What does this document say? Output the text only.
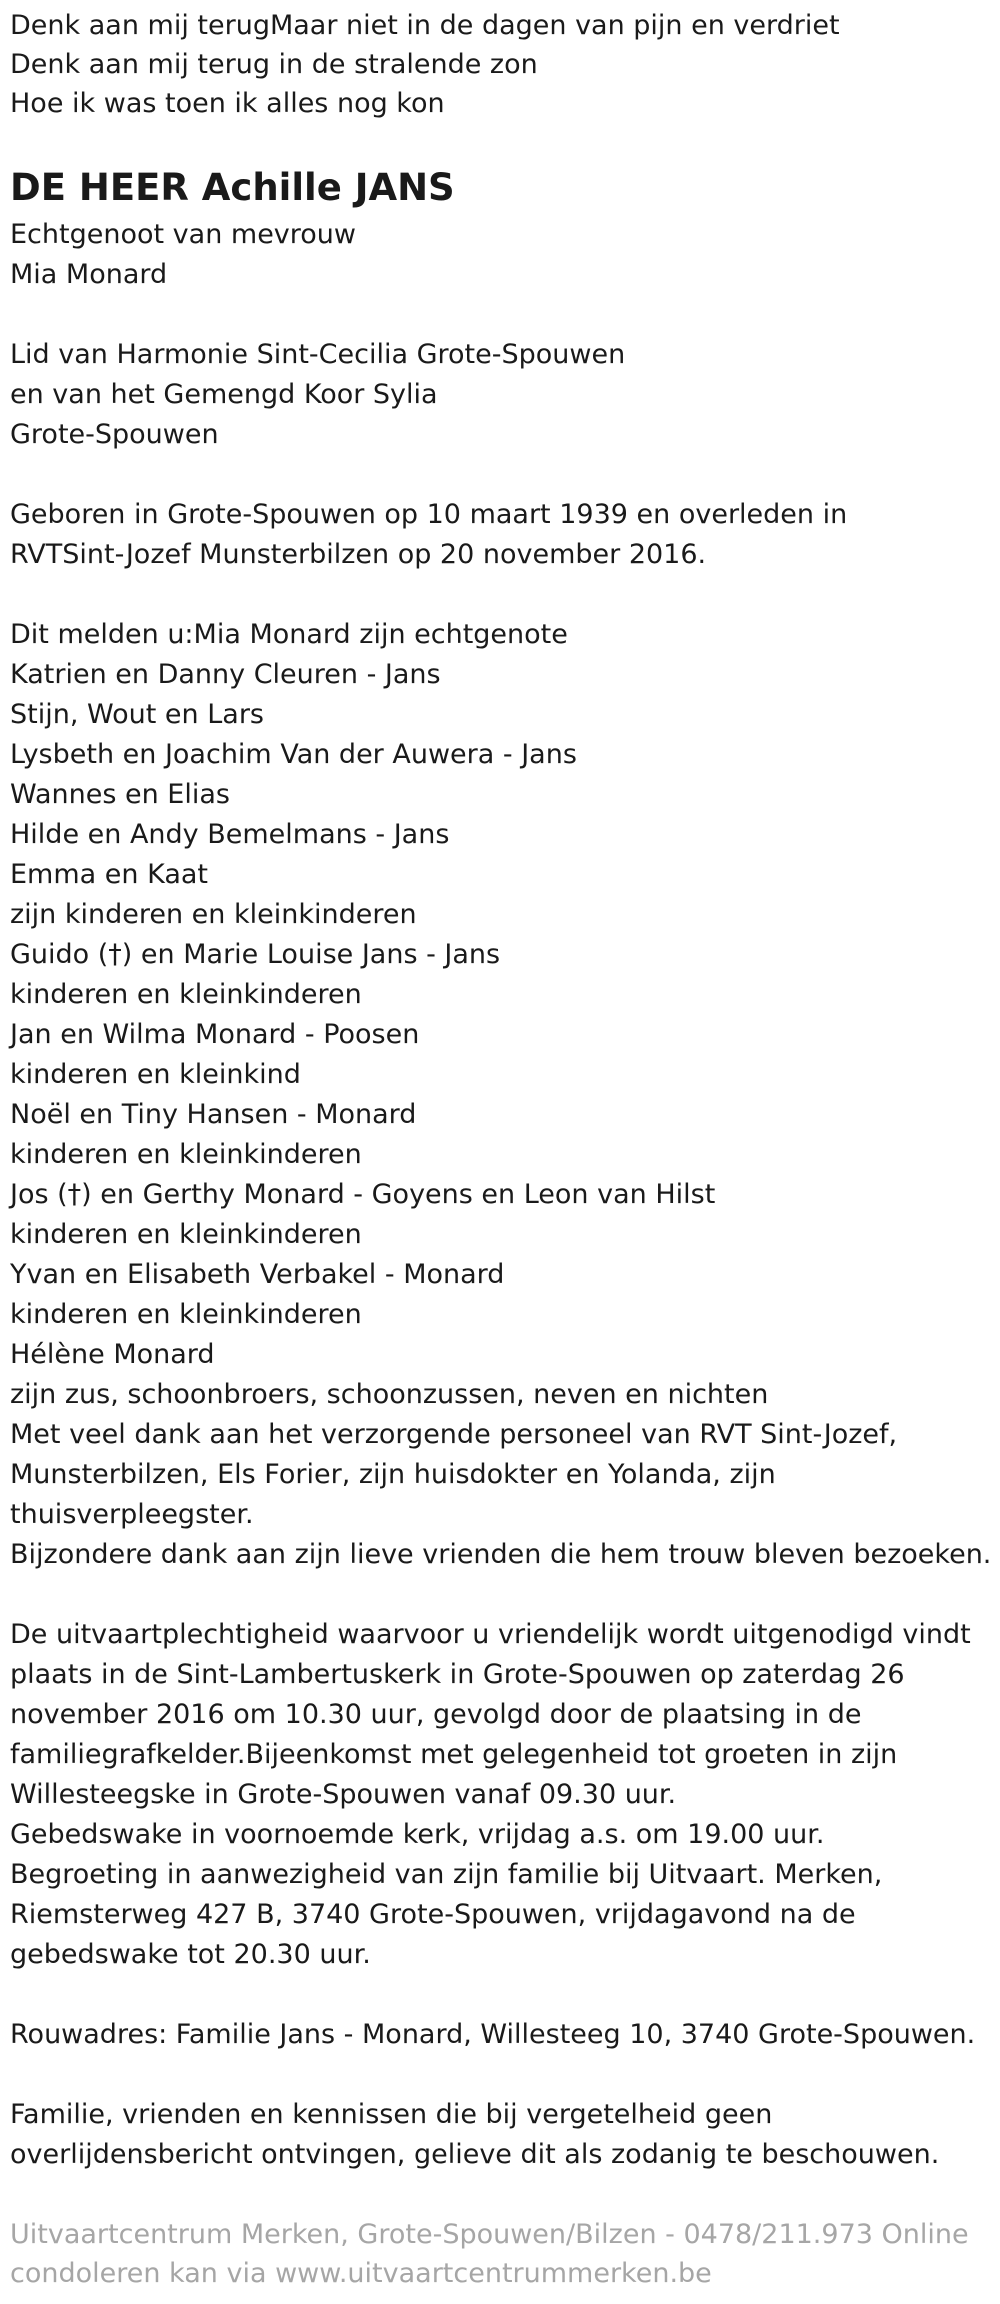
Denk aan mij terugMaar niet in de dagen van pijn en verdriet
Denk aan mij terug in de stralende zon
Hoe ik was toen ik alles nog kon
DE HEER Achille JANS
Echtgenoot van mevrouw
Mia Monard
Lid van Harmonie Sint-Cecilia Grote-Spouwen
en van het Gemengd Koor Sylia
Grote-Spouwen
Geboren in Grote-Spouwen op 10 maart 1939 en overleden in
RVTSint-Jozef Munsterbilzen op 20 november 2016.
Dit melden u:Mia Monard zijn echtgenote
Katrien en Danny Cleuren - Jans
Stijn, Wout en Lars
Lysbeth en Joachim Van der Auwera - Jans
Wannes en Elias
Hilde en Andy Bemelmans - Jans
Emma en Kaat
zijn kinderen en kleinkinderen
Guido (†) en Marie Louise Jans - Jans
kinderen en kleinkinderen
Jan en Wilma Monard - Poosen
kinderen en kleinkind
Noël en Tiny Hansen - Monard
kinderen en kleinkinderen
Jos (†) en Gerthy Monard - Goyens en Leon van Hilst
kinderen en kleinkinderen
Yvan en Elisabeth Verbakel - Monard
kinderen en kleinkinderen
Hélène Monard
zijn zus, schoonbroers, schoonzussen, neven en nichten
Met veel dank aan het verzorgende personeel van RVT Sint-Jozef,
Munsterbilzen, Els Forier, zijn huisdokter en Yolanda, zijn
thuisverpleegster.
Bijzondere dank aan zijn lieve vrienden die hem trouw bleven bezoeken.
De uitvaartplechtigheid waarvoor u vriendelijk wordt uitgenodigd vindt
plaats in de Sint-Lambertuskerk in Grote-Spouwen op zaterdag 26
november 2016 om 10.30 uur, gevolgd door de plaatsing in de
familiegrafkelder.Bijeenkomst met gelegenheid tot groeten in zijn
Willesteegske in Grote-Spouwen vanaf 09.30 uur.
Gebedswake in voornoemde kerk, vrijdag a.s. om 19.00 uur.
Begroeting in aanwezigheid van zijn familie bij Uitvaart. Merken,
Riemsterweg 427 B, 3740 Grote-Spouwen, vrijdagavond na de
gebedswake tot 20.30 uur.
Rouwadres: Familie Jans - Monard, Willesteeg 10, 3740 Grote-Spouwen.
Familie, vrienden en kennissen die bij vergetelheid geen
overlijdensbericht ontvingen, gelieve dit als zodanig te beschouwen.
Uitvaartcentrum Merken, Grote-Spouwen/Bilzen - 0478/211.973 Online
condoleren kan via www.uitvaartcentrummerken.be
